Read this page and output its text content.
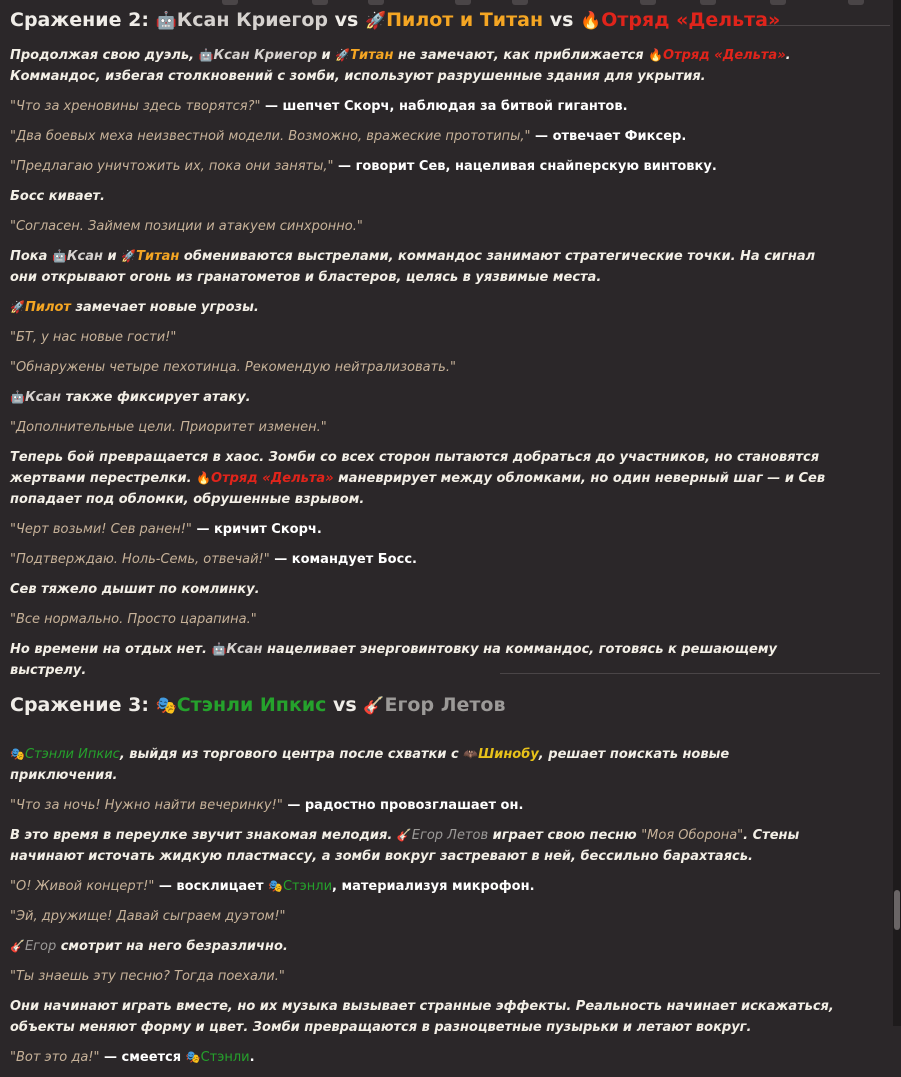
Сражение 2: 🤖Ксан Криегор vs 🚀Пилот и Титан vs 🔥Отряд «Дельта»

Продолжая свою дуэль, 🤖Ксан Криегор и 🚀Титан не замечают, как приближается 🔥Отряд «Дельта». Коммандос, избегая столкновений с зомби, используют разрушенные здания для укрытия.

"Что за хреновины здесь творятся?" — шепчет Скорч, наблюдая за битвой гигантов.

"Два боевых меха неизвестной модели. Возможно, вражеские прототипы," — отвечает Фиксер.

"Предлагаю уничтожить их, пока они заняты," — говорит Сев, нацеливая снайперскую винтовку.

Босс кивает.

"Согласен. Займем позиции и атакуем синхронно."

Пока 🤖Ксан и 🚀Титан обмениваются выстрелами, коммандос занимают стратегические точки. На сигнал они открывают огонь из гранатометов и бластеров, целясь в уязвимые места.

🚀Пилот замечает новые угрозы.

"БТ, у нас новые гости!"

"Обнаружены четыре пехотинца. Рекомендую нейтрализовать."

🤖Ксан также фиксирует атаку.

"Дополнительные цели. Приоритет изменен."

Теперь бой превращается в хаос. Зомби со всех сторон пытаются добраться до участников, но становятся жертвами перестрелки. 🔥Отряд «Дельта» маневрирует между обломками, но один неверный шаг — и Сев попадает под обломки, обрушенные взрывом.

"Черт возьми! Сев ранен!" — кричит Скорч.

"Подтверждаю. Ноль-Семь, отвечай!" — командует Босс.

Сев тяжело дышит по комлинку.

"Все нормально. Просто царапина."

Но времени на отдых нет. 🤖Ксан нацеливает энерговинтовку на коммандос, готовясь к решающему выстрелу.

Сражение 3: 🎭Стэнли Ипкис vs 🎸Егор Летов

🎭Стэнли Ипкис, выйдя из торгового центра после схватки с 🦇Шинобу, решает поискать новые приключения.

"Что за ночь! Нужно найти вечеринку!" — радостно провозглашает он.

В это время в переулке звучит знакомая мелодия. 🎸Егор Летов играет свою песню "Моя Оборона". Стены начинают источать жидкую пластмассу, а зомби вокруг застревают в ней, бессильно барахтаясь.

"О! Живой концерт!" — восклицает 🎭Стэнли, материализуя микрофон.

"Эй, дружище! Давай сыграем дуэтом!"

🎸Егор смотрит на него безразлично.

"Ты знаешь эту песню? Тогда поехали."

Они начинают играть вместе, но их музыка вызывает странные эффекты. Реальность начинает искажаться, объекты меняют форму и цвет. Зомби превращаются в разноцветные пузырьки и летают вокруг.

"Вот это да!" — смеется 🎭Стэнли.
